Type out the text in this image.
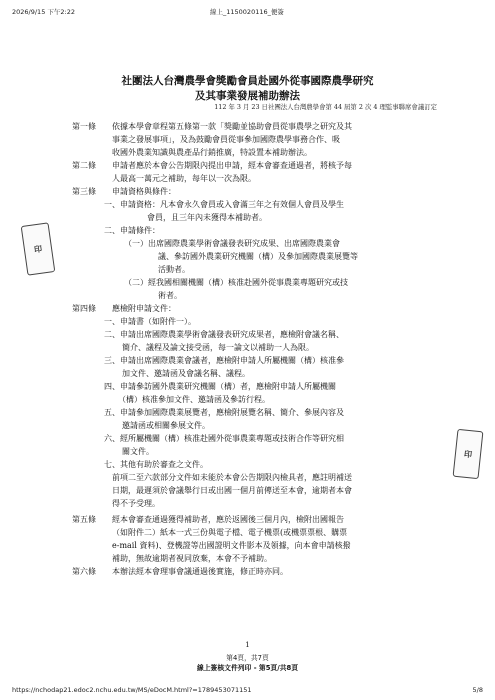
2026/9/15 下午2:22	線上_1150020116_便簽
社團法人台灣農學會獎勵會員赴國外從事國際農學研究
及其事業發展補助辦法
112 年 3 月 23 日社團法人台灣農學會第 44 屆第 2 次 4 理監事聯席會議訂定
印
印
第一條	依據本學會章程第五條第一款「獎勵並協助會員從事農學之研究及其
事業之發展事項」，及為鼓勵會員從事參加國際農學事務合作、吸
收國外農業知識與農產品行銷推廣，特設置本補助辦法。
第二條	申請者應於本會公告期限內提出申請，經本會審查通過者，將核予每
人最高一萬元之補助，每年以一次為限。
第三條	申請資格與條件：
一、申請資格：凡本會永久會員或入會滿三年之有效個人會員及學生
會員，且三年內未獲得本補助者。
二、申請條件：
（一）出席國際農業學術會議發表研究成果、出席國際農業會
議、參訪國外農業研究機關（構）及參加國際農業展覽等
活動者。
（二）經我國相關機關（構）核准赴國外從事農業專題研究或技
術者。
第四條	應檢附申請文件：
一、申請書（如附件一）。
二、申請出席國際農業學術會議發表研究成果者，應檢附會議名稱、
簡介、議程及論文接受函，每一論文以補助一人為限。
三、申請出席國際農業會議者，應檢附申請人所屬機關（構）核准參
加文件、邀請函及會議名稱、議程。
四、申請參訪國外農業研究機關（構）者，應檢附申請人所屬機關
（構）核准參加文件、邀請函及參訪行程。
五、申請參加國際農業展覽者，應檢附展覽名稱、簡介、參展內容及
邀請函或相關參展文件。
六、經所屬機關（構）核准赴國外從事農業專題或技術合作等研究相
關文件。
七、其他有助於審查之文件。
前項二至六款部分文件如未能於本會公告期限內檢具者，應註明補送
日期，最遲須於會議舉行日或出國一個月前傳送至本會，逾期者本會
得不予受理。
第五條	經本會審查通過獲得補助者，應於返國後三個月內，檢附出國報告
（如附件二）紙本一式三份與電子檔、電子機票(或機票票根、購票
e-mail 資料)、登機證等出國證明文件影本及領據，向本會申請核撥
補助，無故逾期者視同放棄，本會不予補助。
第六條	本辦法經本會理事會議通過後實施，修正時亦同。
1
第4頁，共7頁
線上簽核文件列印 - 第5頁/共8頁
https://nchodap21.edoc2.nchu.edu.tw/MS/eDocM.html?=1789453071151	5/8
